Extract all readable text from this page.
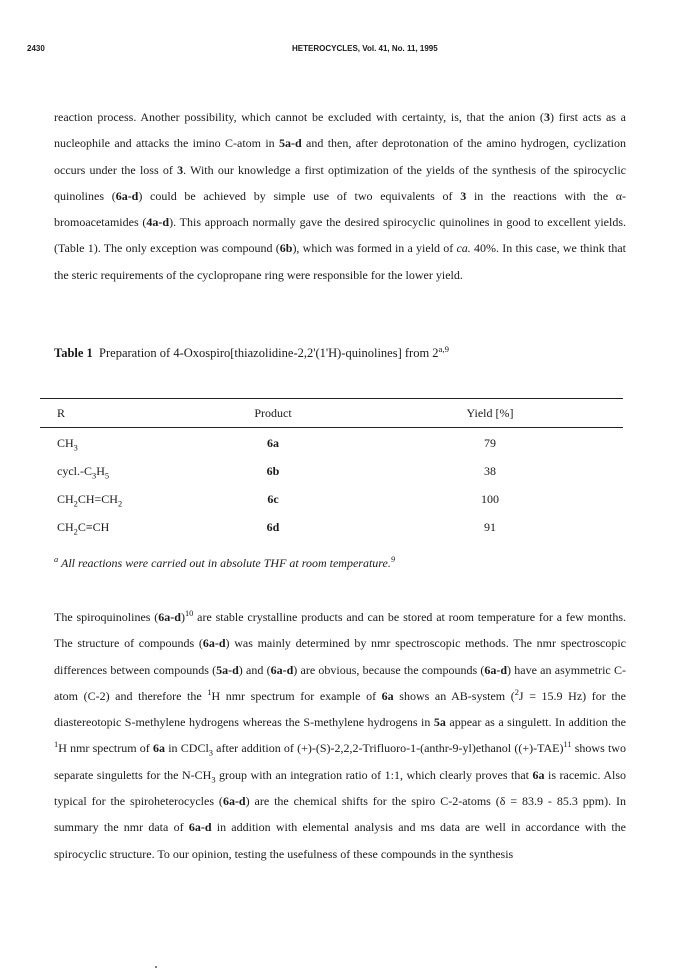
2430	HETEROCYCLES, Vol. 41, No. 11, 1995

reaction process. Another possibility, which cannot be excluded with certainty, is, that the anion (3) first acts as a nucleophile and attacks the imino C-atom in 5a-d and then, after deprotonation of the amino hydrogen, cyclization occurs under the loss of 3. With our knowledge a first optimization of the yields of the synthesis of the spirocyclic quinolines (6a-d) could be achieved by simple use of two equivalents of 3 in the reactions with the α-bromoacetamides (4a-d). This approach normally gave the desired spirocyclic quinolines in good to excellent yields. (Table 1). The only exception was compound (6b), which was formed in a yield of ca. 40%. In this case, we think that the steric requirements of the cyclopropane ring were responsible for the lower yield.

Table 1 Preparation of 4-Oxospiro[thiazolidine-2,2'(1'H)-quinolines] from 2$^{a,9}$

R	Product	Yield [%]
$CH_3$	6a	79
$cycl.-C_3H_5$	6b	38
$CH_2CH=CH_2$	6c	100
$CH_2C\equiv CH$	6d	91

$^a$ All reactions were carried out in absolute THF at room temperature.$^9$

The spiroquinolines $(6a-d)^{10}$ are stable crystalline products and can be stored at room temperature for a few months. The structure of compounds (6a-d) was mainly determined by nmr spectroscopic methods. The nmr spectroscopic differences between compounds (5a-d) and (6a-d) are obvious, because the compounds (6a-d) have an asymmetric C-atom (C-2) and therefore the $^1$H nmr spectrum for example of 6a shows an AB-system ($^2$J = 15.9 Hz) for the diastereotopic S-methylene hydrogens whereas the S-methylene hydrogens in 5a appear as a singulett. In addition the $^1$H nmr spectrum of 6a in CDCl$_3$ after addition of (+)-(S)-2,2,2-Trifluoro-1-(anthr-9-yl)ethanol $((+)-TAE)^{11}$ shows two separate singuletts for the $N-CH_3$ group with an integration ratio of 1:1, which clearly proves that 6a is racemic. Also typical for the spiroheterocycles (6a-d) are the chemical shifts for the spiro C-2-atoms (δ = 83.9 - 85.3 ppm). In summary the nmr data of 6a-d in addition with elemental analysis and ms data are well in accordance with the spirocyclic structure. To our opinion, testing the usefulness of these compounds in the synthesis
